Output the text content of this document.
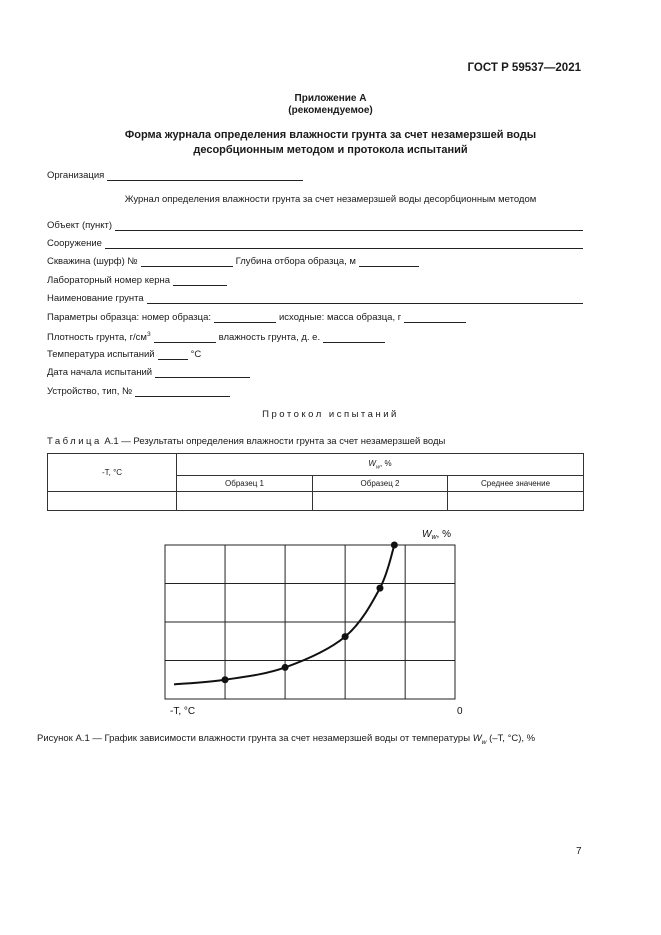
ГОСТ Р 59537—2021
Приложение А
(рекомендуемое)
Форма журнала определения влажности грунта за счет незамерзшей воды
десорбционным методом и протокола испытаний
Организация
Журнал определения влажности грунта за счет незамерзшей воды десорбционным методом
Объект (пункт)
Сооружение
Скважина (шурф) №	Глубина отбора образца, м
Лабораторный номер керна
Наименование грунта
Параметры образца: номер образца:	исходные: масса образца, г
Плотность грунта, $г/см^3$	влажность грунта, д. е.
Температура испытаний	°C
Дата начала испытаний
Устройство, тип, №
Протокол испытаний
Таблица А.1 — Результаты определения влажности грунта за счет незамерзшей воды
-T, °С	$W_w$, %		
	Образец 1	Образец 2	Среднее значение

$W_w$, %
-T, °C	0
Рисунок А.1 — График зависимости влажности грунта за счет незамерзшей воды от температуры $W_w$ (–T, °C), %
7
